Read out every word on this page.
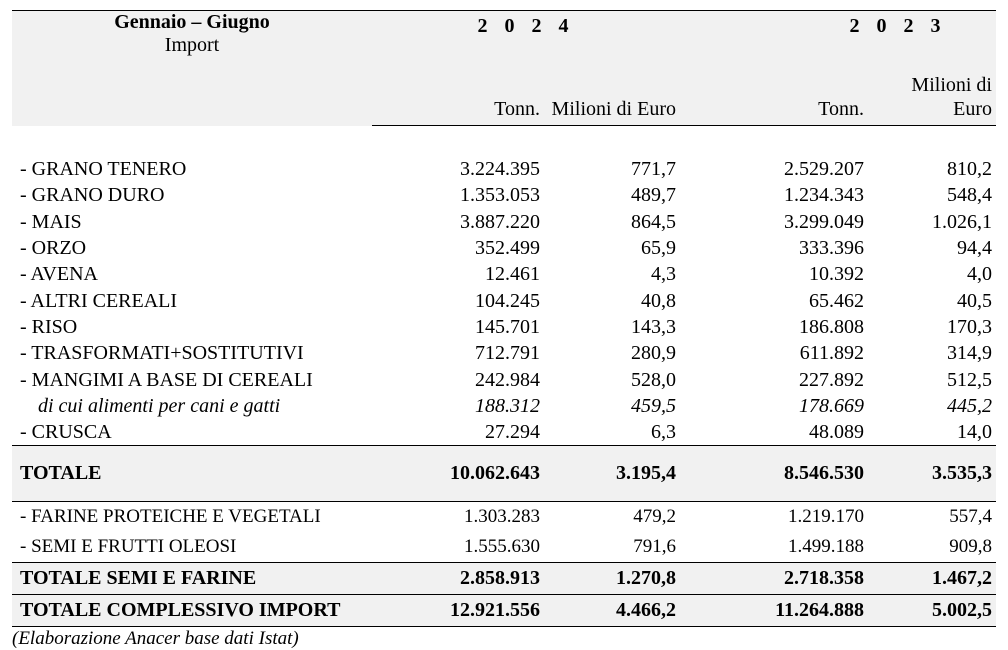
Gennaio – Giugno
Import	2 0 2 4		2 0 2 3	
	Tonn.	Milioni di Euro	Tonn.	Milioni di Euro

- GRANO TENERO	3.224.395	771,7	2.529.207	810,2
- GRANO DURO	1.353.053	489,7	1.234.343	548,4
- MAIS	3.887.220	864,5	3.299.049	1.026,1
- ORZO	352.499	65,9	333.396	94,4
- AVENA	12.461	4,3	10.392	4,0
- ALTRI CEREALI	104.245	40,8	65.462	40,5
- RISO	145.701	143,3	186.808	170,3
- TRASFORMATI+SOSTITUTIVI	712.791	280,9	611.892	314,9
- MANGIMI A BASE DI CEREALI	242.984	528,0	227.892	512,5
di cui alimenti per cani e gatti	188.312	459,5	178.669	445,2
- CRUSCA	27.294	6,3	48.089	14,0
TOTALE	10.062.643	3.195,4	8.546.530	3.535,3
- FARINE PROTEICHE E VEGETALI	1.303.283	479,2	1.219.170	557,4
- SEMI E FRUTTI OLEOSI	1.555.630	791,6	1.499.188	909,8
TOTALE SEMI E FARINE	2.858.913	1.270,8	2.718.358	1.467,2
TOTALE COMPLESSIVO IMPORT	12.921.556	4.466,2	11.264.888	5.002,5
(Elaborazione Anacer base dati Istat)
